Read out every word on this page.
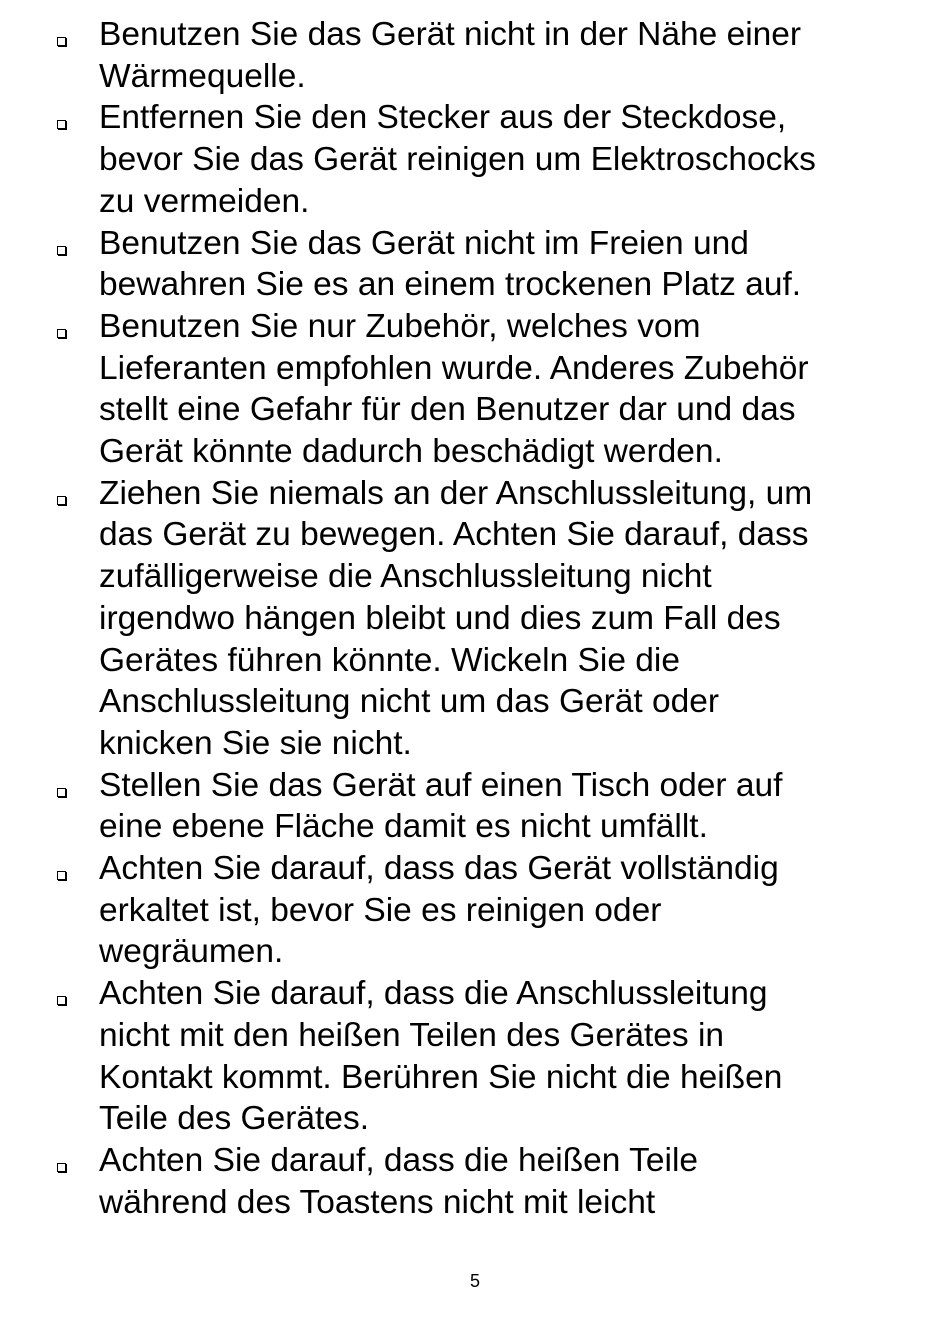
Benutzen Sie das Gerät nicht in der Nähe einer
Wärmequelle.
Entfernen Sie den Stecker aus der Steckdose,
bevor Sie das Gerät reinigen um Elektroschocks
zu vermeiden.
Benutzen Sie das Gerät nicht im Freien und
bewahren Sie es an einem trockenen Platz auf.
Benutzen Sie nur Zubehör, welches vom
Lieferanten empfohlen wurde. Anderes Zubehör
stellt eine Gefahr für den Benutzer dar und das
Gerät könnte dadurch beschädigt werden.
Ziehen Sie niemals an der Anschlussleitung, um
das Gerät zu bewegen. Achten Sie darauf, dass
zufälligerweise die Anschlussleitung nicht
irgendwo hängen bleibt und dies zum Fall des
Gerätes führen könnte. Wickeln Sie die
Anschlussleitung nicht um das Gerät oder
knicken Sie sie nicht.
Stellen Sie das Gerät auf einen Tisch oder auf
eine ebene Fläche damit es nicht umfällt.
Achten Sie darauf, dass das Gerät vollständig
erkaltet ist, bevor Sie es reinigen oder
wegräumen.
Achten Sie darauf, dass die Anschlussleitung
nicht mit den heißen Teilen des Gerätes in
Kontakt kommt. Berühren Sie nicht die heißen
Teile des Gerätes.
Achten Sie darauf, dass die heißen Teile
während des Toastens nicht mit leicht
5
